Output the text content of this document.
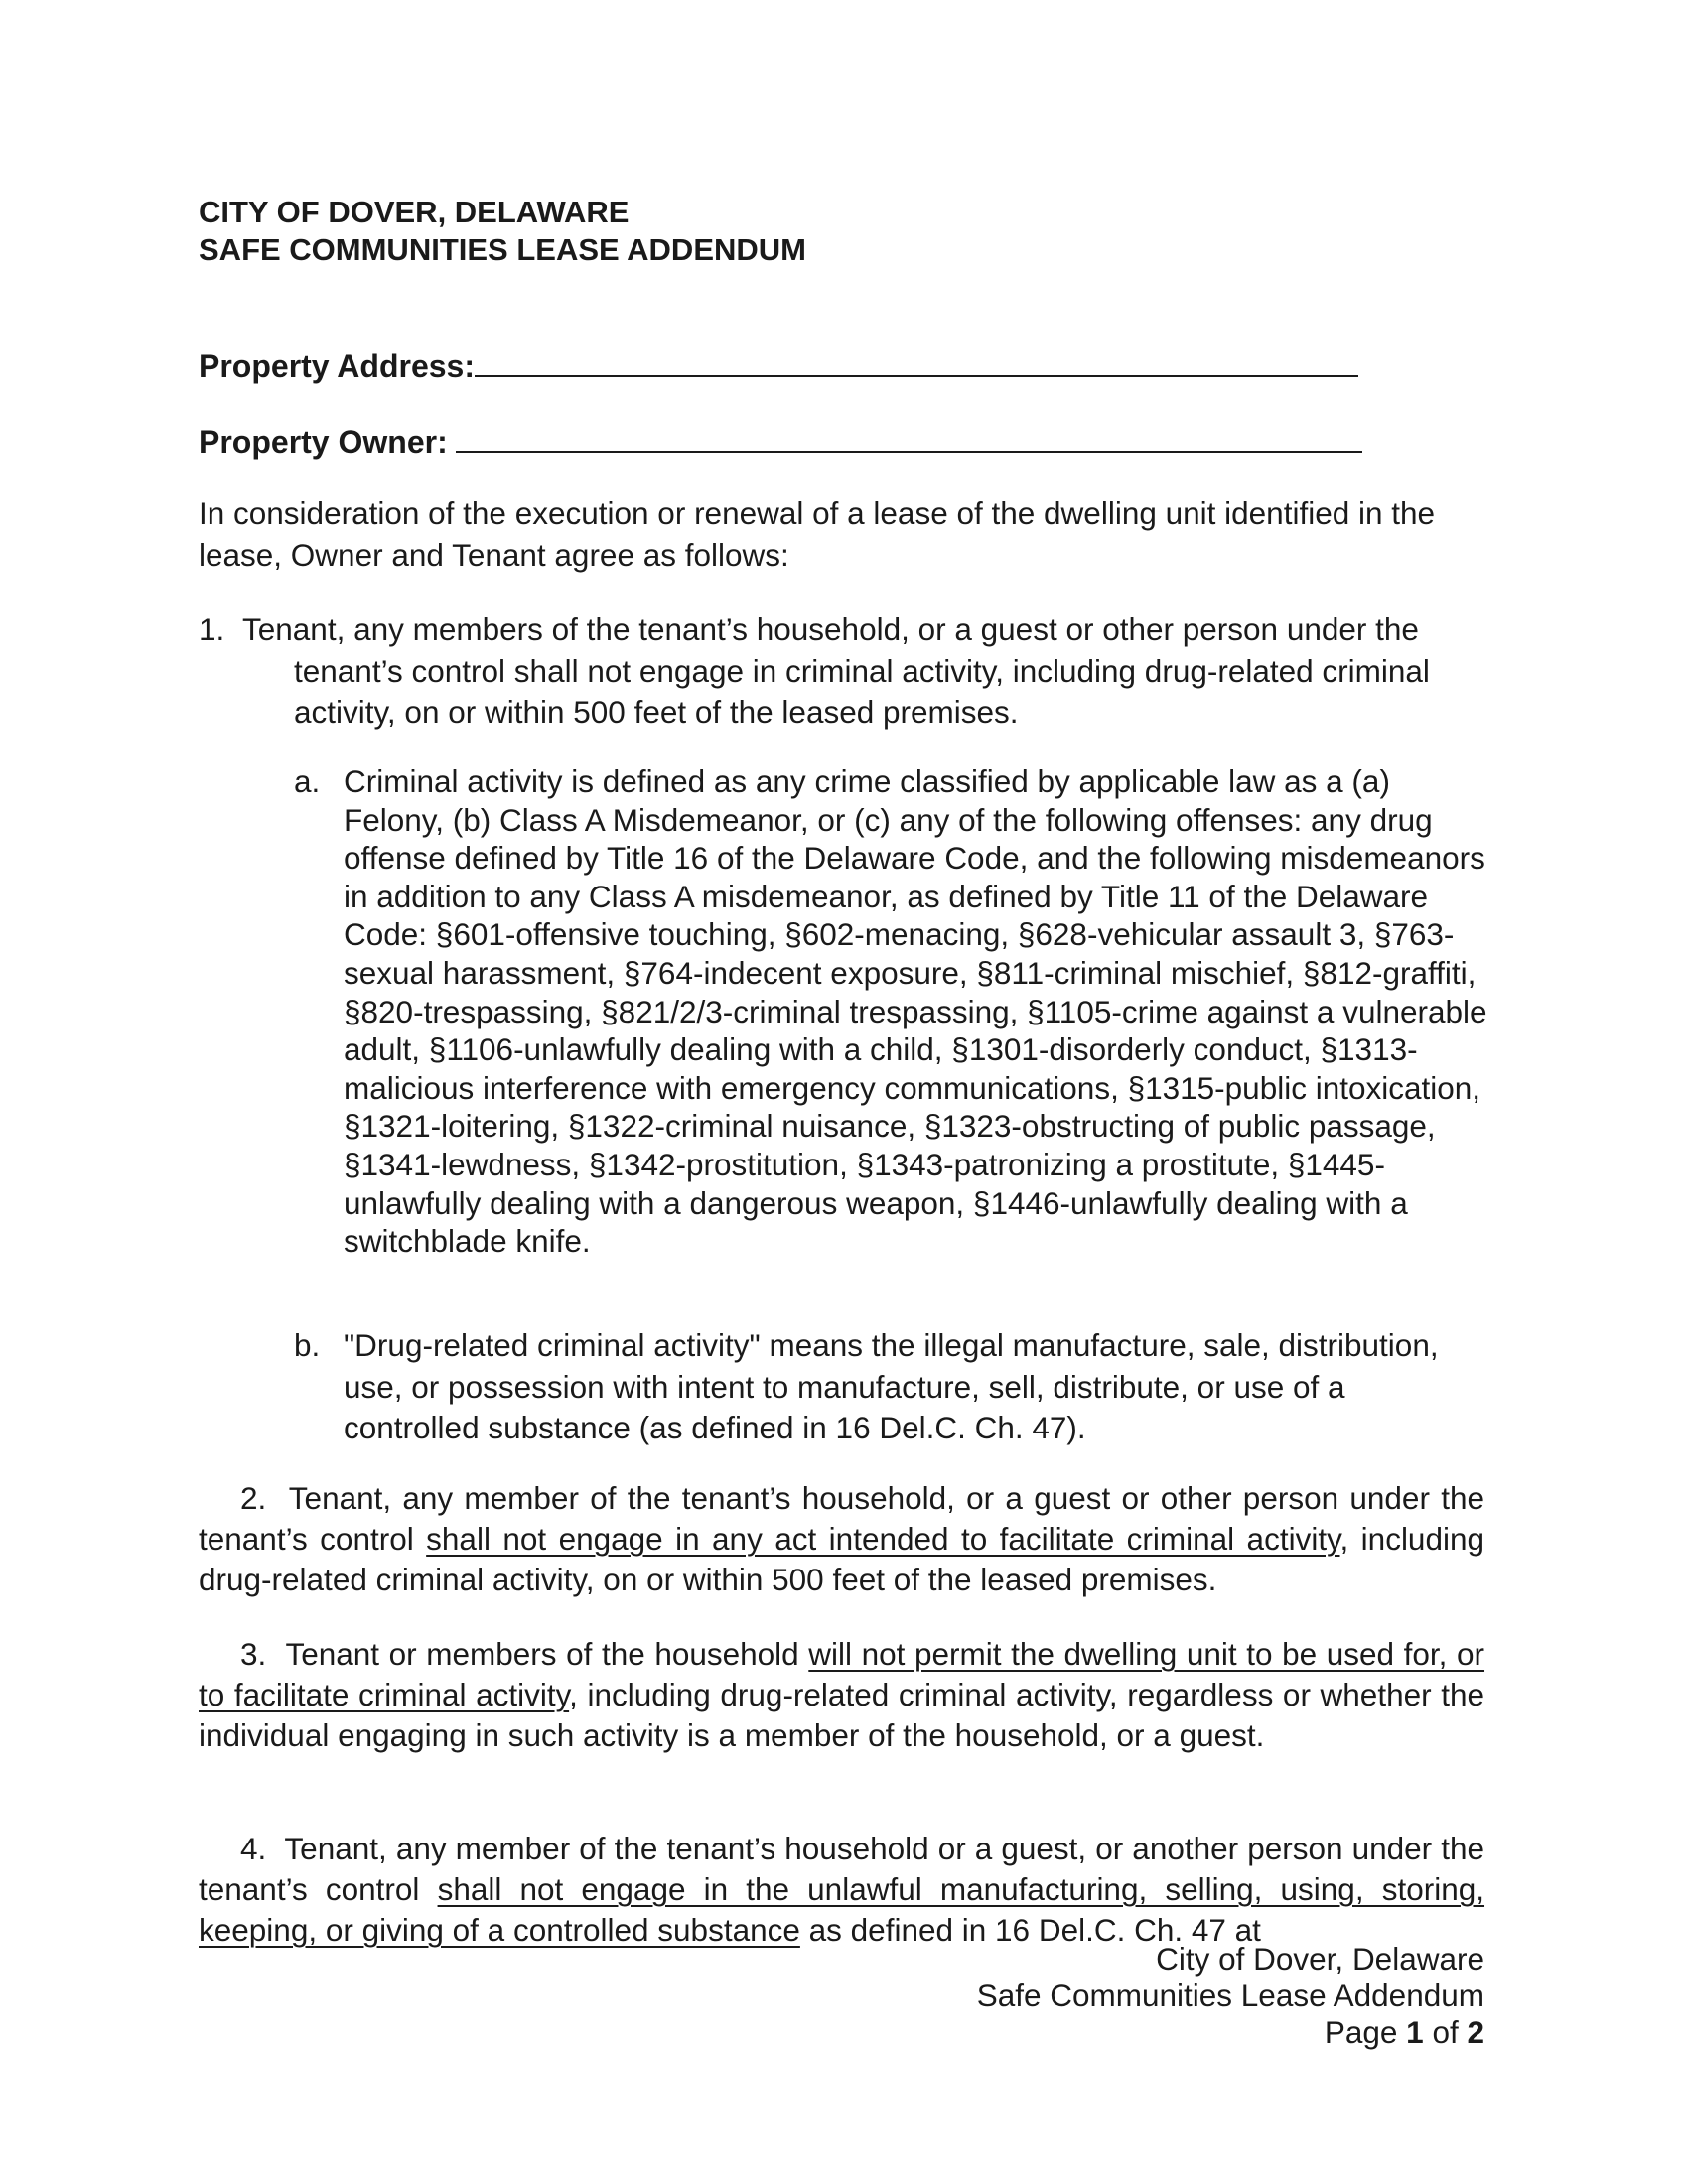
CITY OF DOVER, DELAWARE
SAFE COMMUNITIES LEASE ADDENDUM
Property Address:
Property Owner:
In consideration of the execution or renewal of a lease of the dwelling unit identified in the lease, Owner and Tenant agree as follows:
1. Tenant, any members of the tenant’s household, or a guest or other person under the tenant’s control shall not engage in criminal activity, including drug-related criminal activity, on or within 500 feet of the leased premises.
a. Criminal activity is defined as any crime classified by applicable law as a (a) Felony, (b) Class A Misdemeanor, or (c) any of the following offenses: any drug offense defined by Title 16 of the Delaware Code, and the following misdemeanors in addition to any Class A misdemeanor, as defined by Title 11 of the Delaware Code: §601-offensive touching, §602-menacing, §628-vehicular assault 3, §763-sexual harassment, §764-indecent exposure, §811-criminal mischief, §812-graffiti, §820-trespassing, §821/2/3-criminal trespassing, §1105-crime against a vulnerable adult, §1106-unlawfully dealing with a child, §1301-disorderly conduct, §1313-malicious interference with emergency communications, §1315-public intoxication, §1321-loitering, §1322-criminal nuisance, §1323-obstructing of public passage, §1341-lewdness, §1342-prostitution, §1343-patronizing a prostitute, §1445-unlawfully dealing with a dangerous weapon, §1446-unlawfully dealing with a switchblade knife.
b. "Drug-related criminal activity" means the illegal manufacture, sale, distribution, use, or possession with intent to manufacture, sell, distribute, or use of a controlled substance (as defined in 16 Del.C. Ch. 47).
2. Tenant, any member of the tenant’s household, or a guest or other person under the tenant’s control shall not engage in any act intended to facilitate criminal activity, including drug-related criminal activity, on or within 500 feet of the leased premises.
3. Tenant or members of the household will not permit the dwelling unit to be used for, or to facilitate criminal activity, including drug-related criminal activity, regardless or whether the individual engaging in such activity is a member of the household, or a guest.
4. Tenant, any member of the tenant’s household or a guest, or another person under the tenant’s control shall not engage in the unlawful manufacturing, selling, using, storing, keeping, or giving of a controlled substance as defined in 16 Del.C. Ch. 47 at
City of Dover, Delaware
Safe Communities Lease Addendum
Page 1 of 2
